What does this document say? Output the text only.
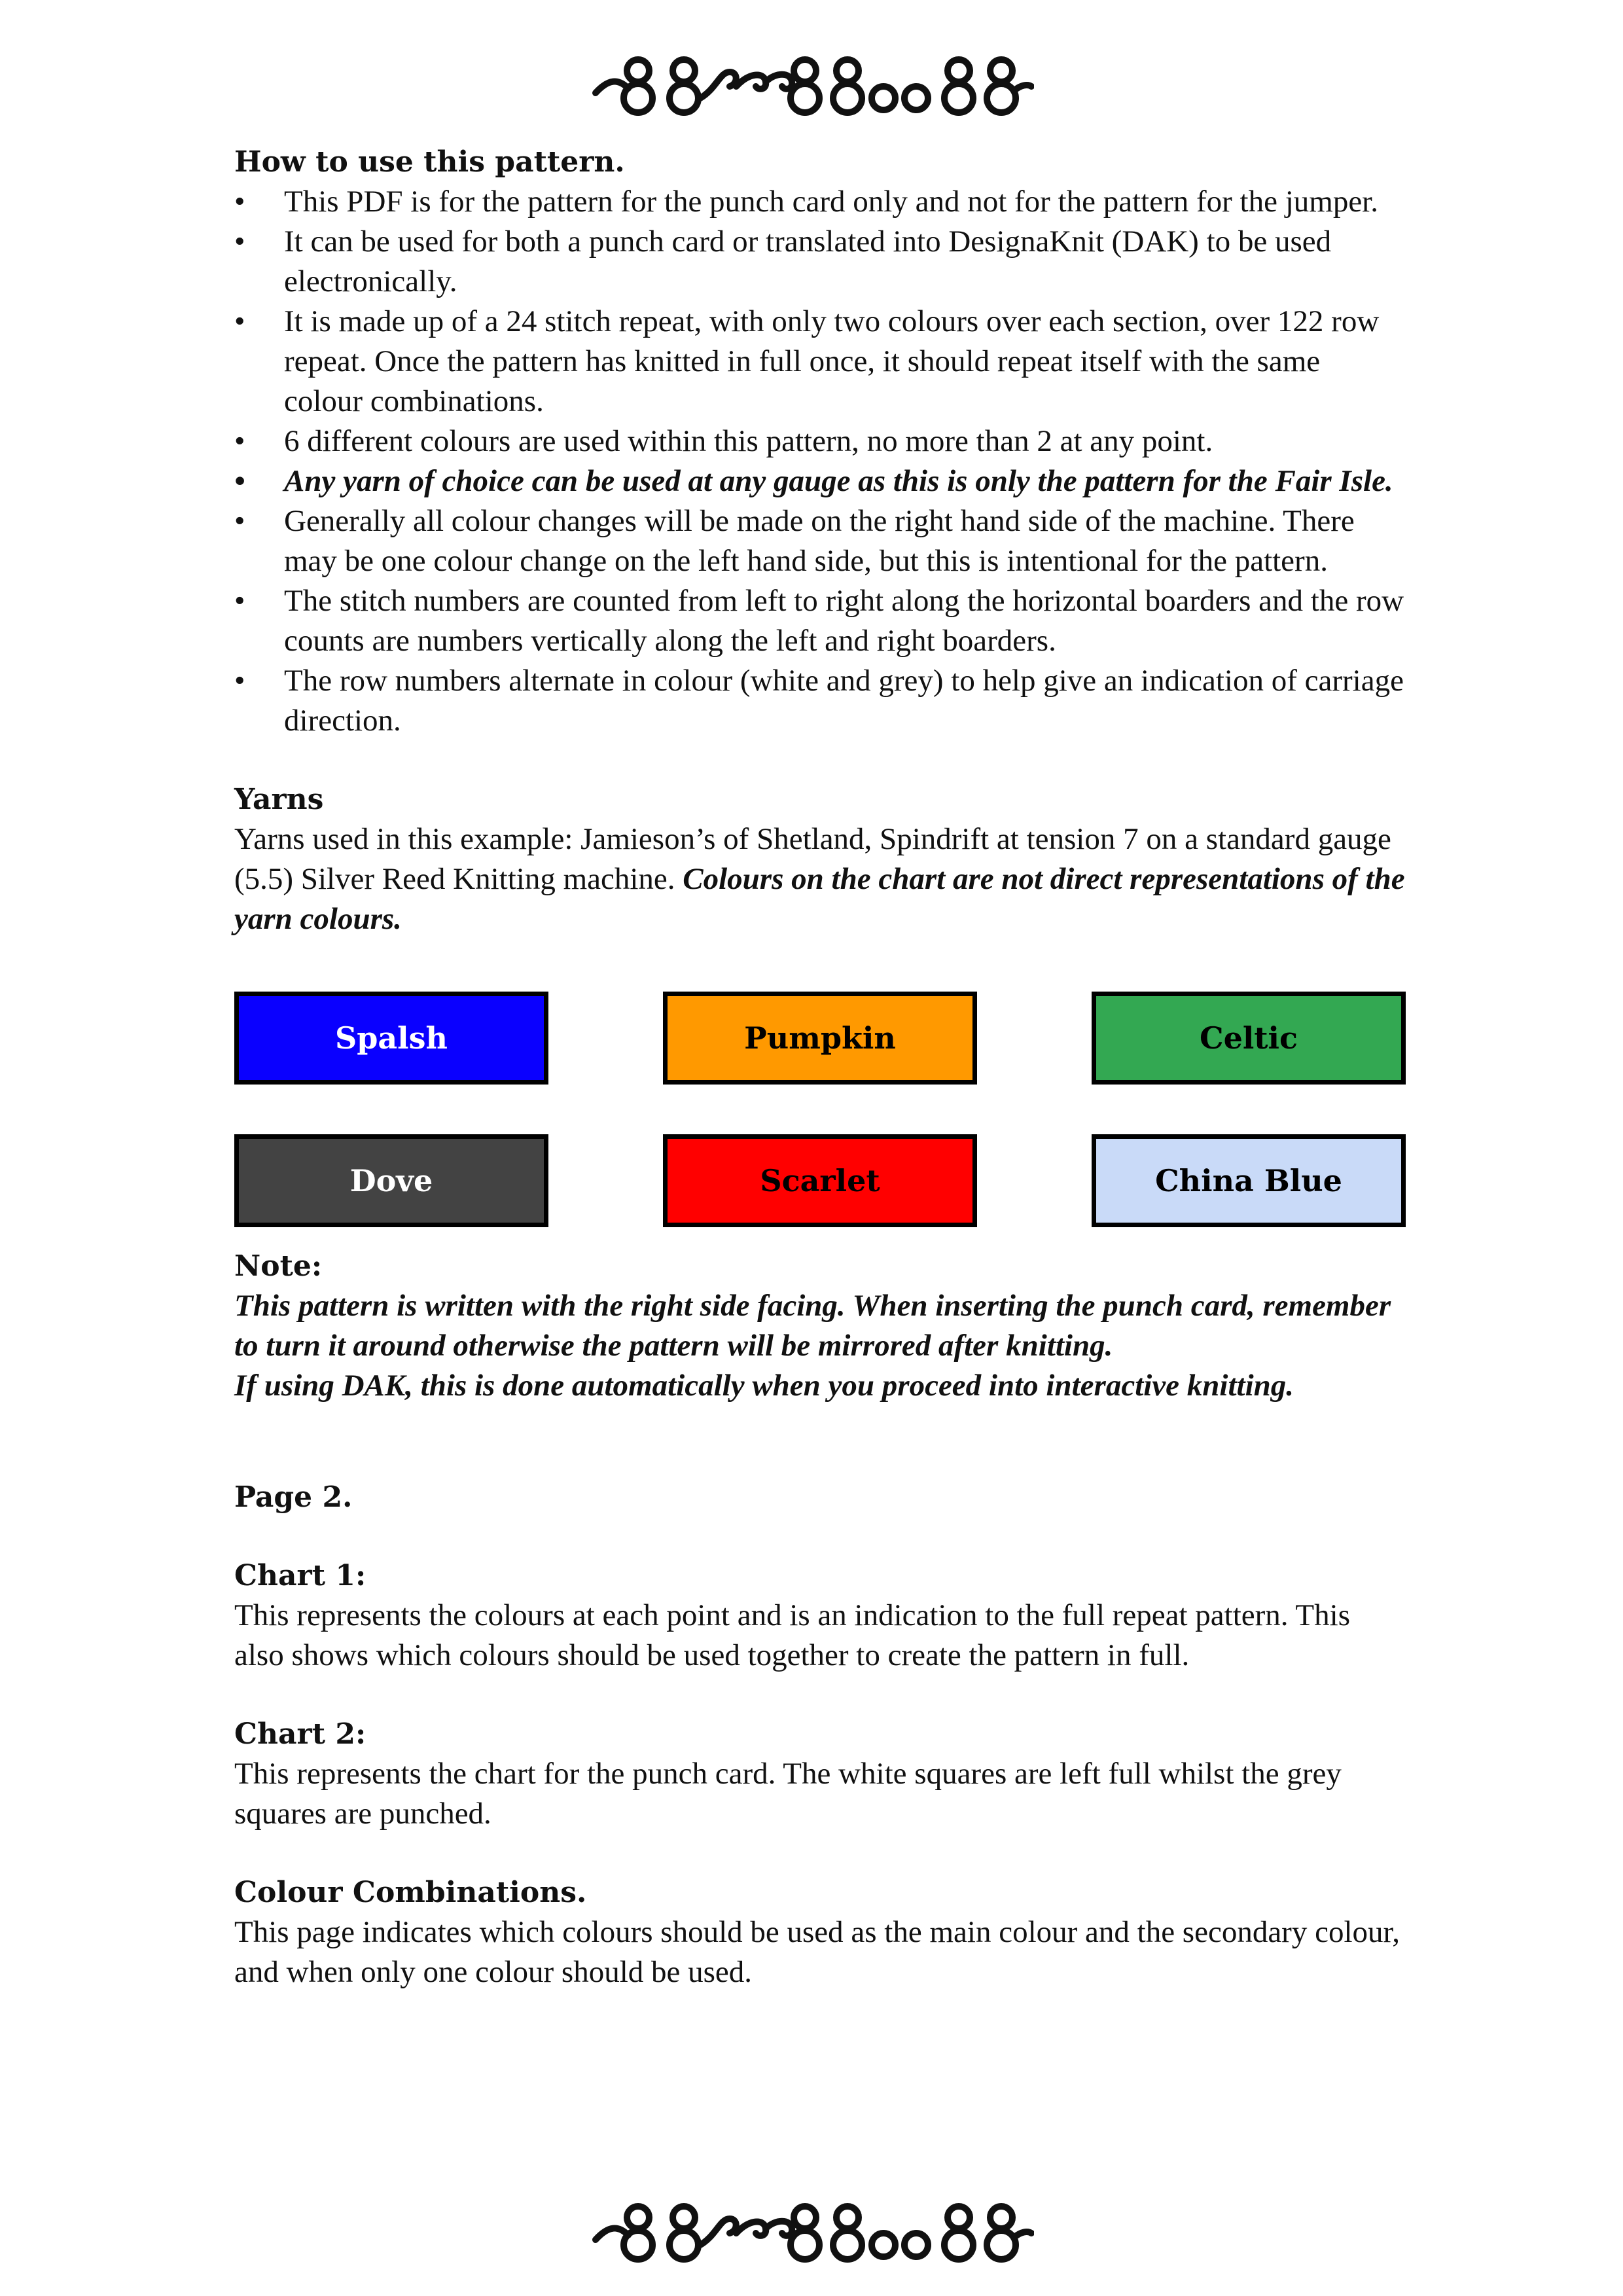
How to use this pattern.
• This PDF is for the pattern for the punch card only and not for the pattern for the jumper.
• It can be used for both a punch card or translated into DesignaKnit (DAK) to be used electronically.
• It is made up of a 24 stitch repeat, with only two colours over each section, over 122 row repeat. Once the pattern has knitted in full once, it should repeat itself with the same colour combinations.
• 6 different colours are used within this pattern, no more than 2 at any point.
• Any yarn of choice can be used at any gauge as this is only the pattern for the Fair Isle.
• Generally all colour changes will be made on the right hand side of the machine. There may be one colour change on the left hand side, but this is intentional for the pattern.
• The stitch numbers are counted from left to right along the horizontal boarders and the row counts are numbers vertically along the left and right boarders.
• The row numbers alternate in colour (white and grey) to help give an indication of carriage direction.
Yarns

Yarns used in this example: Jamieson’s of Shetland, Spindrift at tension 7 on a standard gauge (5.5) Silver Reed Knitting machine. Colours on the chart are not direct representations of the yarn colours.

Spalsh	Pumpkin	Celtic
Dove	Scarlet	China Blue
Note:

This pattern is written with the right side facing. When inserting the punch card, remember to turn it around otherwise the pattern will be mirrored after knitting.

If using DAK, this is done automatically when you proceed into interactive knitting.

Page 2.
Chart 1:

This represents the colours at each point and is an indication to the full repeat pattern. This also shows which colours should be used together to create the pattern in full.

Chart 2:

This represents the chart for the punch card. The white squares are left full whilst the grey squares are punched.

Colour Combinations.

This page indicates which colours should be used as the main colour and the secondary colour, and when only one colour should be used.
